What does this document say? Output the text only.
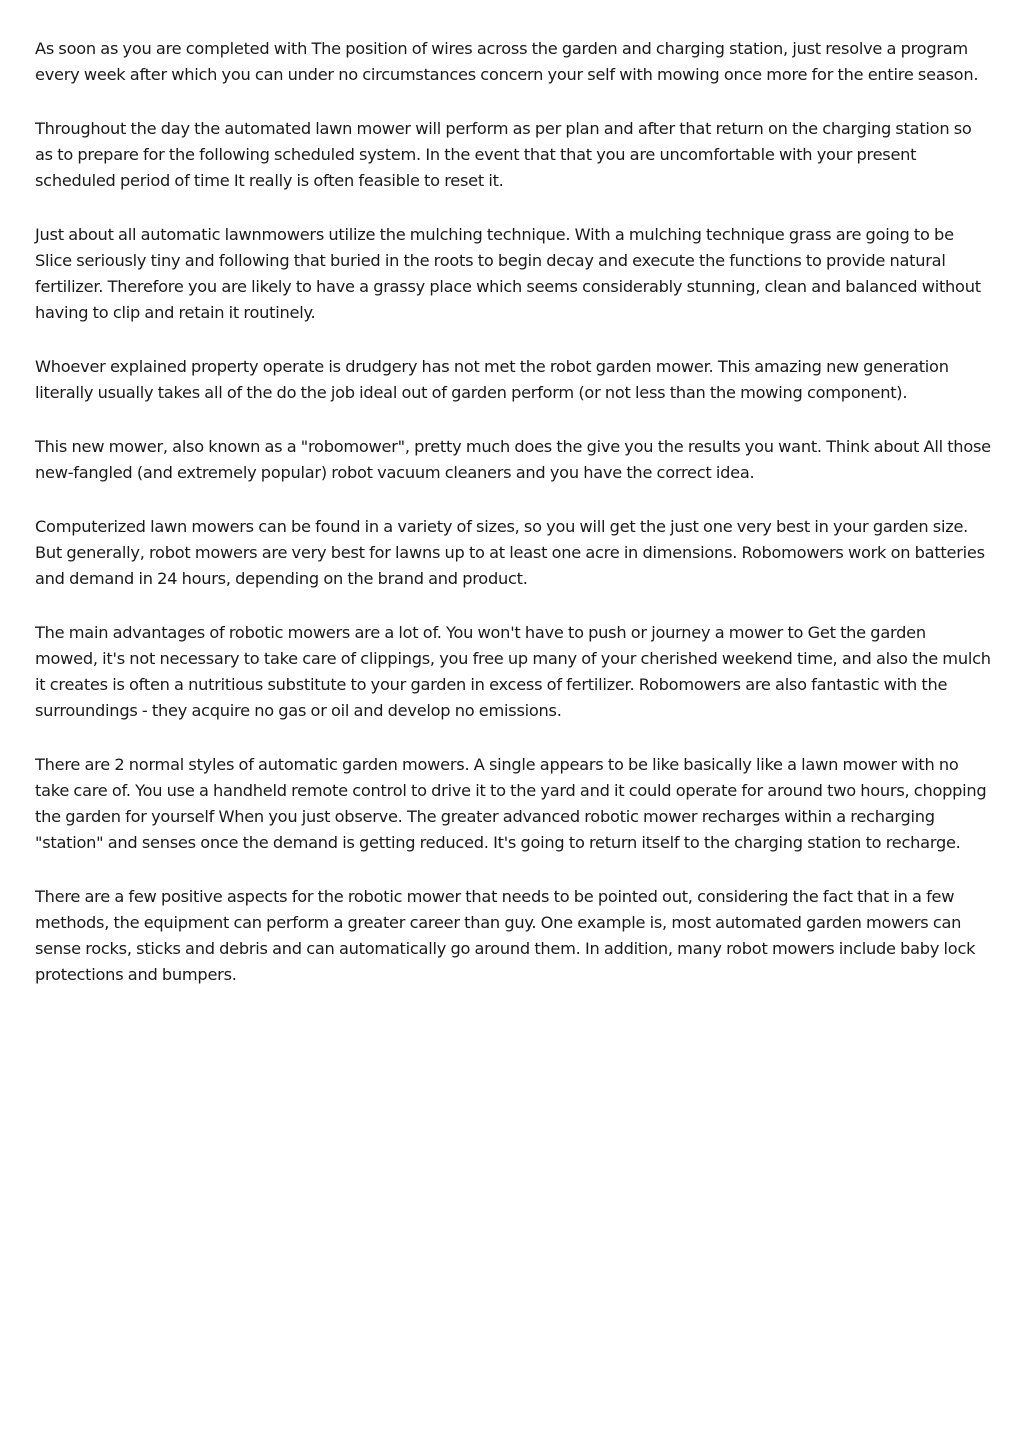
As soon as you are completed with The position of wires across the garden and charging station, just resolve a program every week after which you can under no circumstances concern your self with mowing once more for the entire season.

Throughout the day the automated lawn mower will perform as per plan and after that return on the charging station so as to prepare for the following scheduled system. In the event that that you are uncomfortable with your present scheduled period of time It really is often feasible to reset it.

Just about all automatic lawnmowers utilize the mulching technique. With a mulching technique grass are going to be Slice seriously tiny and following that buried in the roots to begin decay and execute the functions to provide natural fertilizer. Therefore you are likely to have a grassy place which seems considerably stunning, clean and balanced without having to clip and retain it routinely.

Whoever explained property operate is drudgery has not met the robot garden mower. This amazing new generation literally usually takes all of the do the job ideal out of garden perform (or not less than the mowing component).

This new mower, also known as a "robomower", pretty much does the give you the results you want. Think about All those new-fangled (and extremely popular) robot vacuum cleaners and you have the correct idea.

Computerized lawn mowers can be found in a variety of sizes, so you will get the just one very best in your garden size. But generally, robot mowers are very best for lawns up to at least one acre in dimensions. Robomowers work on batteries and demand in 24 hours, depending on the brand and product.

The main advantages of robotic mowers are a lot of. You won't have to push or journey a mower to Get the garden mowed, it's not necessary to take care of clippings, you free up many of your cherished weekend time, and also the mulch it creates is often a nutritious substitute to your garden in excess of fertilizer. Robomowers are also fantastic with the surroundings - they acquire no gas or oil and develop no emissions.

There are 2 normal styles of automatic garden mowers. A single appears to be like basically like a lawn mower with no take care of. You use a handheld remote control to drive it to the yard and it could operate for around two hours, chopping the garden for yourself When you just observe. The greater advanced robotic mower recharges within a recharging "station" and senses once the demand is getting reduced. It's going to return itself to the charging station to recharge.

There are a few positive aspects for the robotic mower that needs to be pointed out, considering the fact that in a few methods, the equipment can perform a greater career than guy. One example is, most automated garden mowers can sense rocks, sticks and debris and can automatically go around them. In addition, many robot mowers include baby lock protections and bumpers.
